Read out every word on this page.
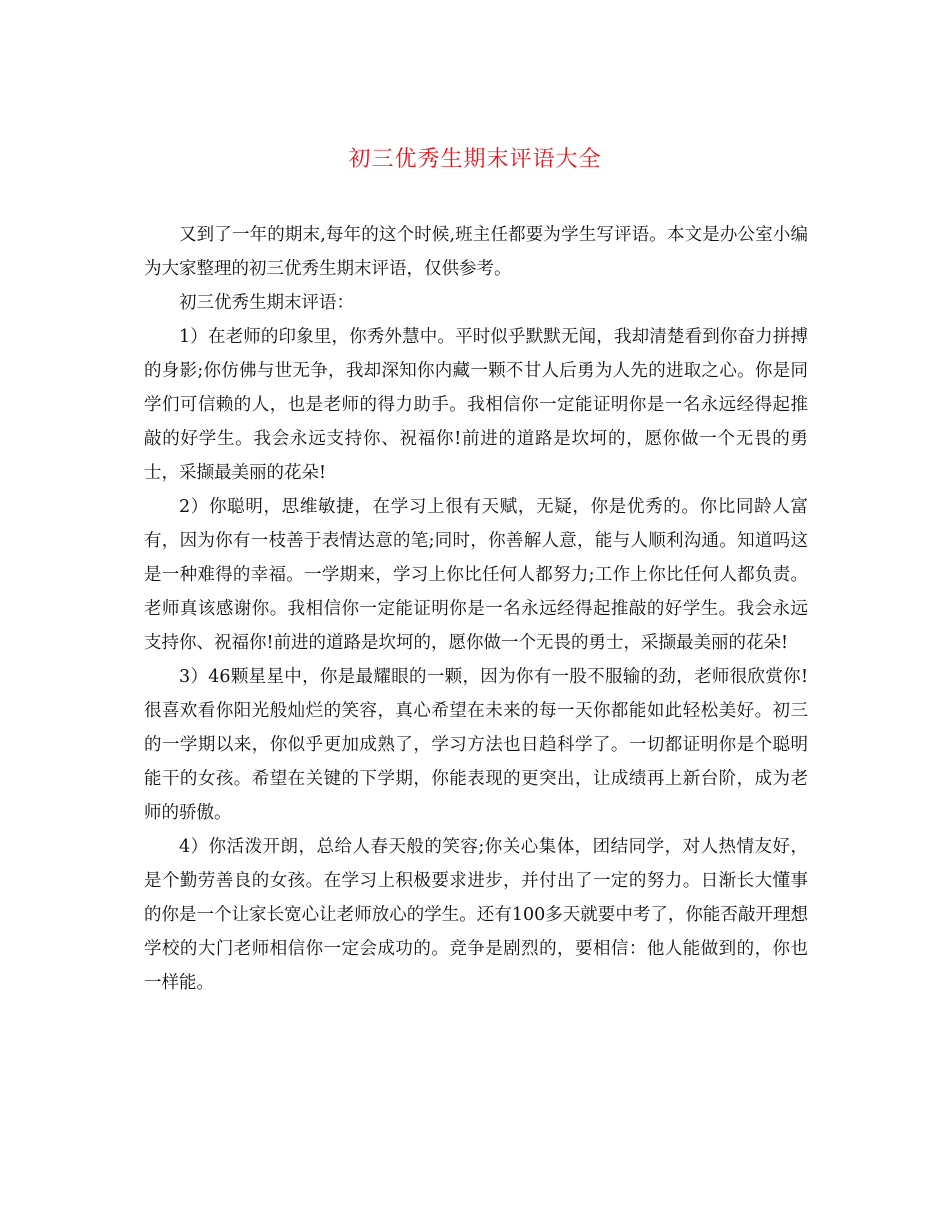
初三优秀生期末评语大全

又到了一年的期末,每年的这个时候,班主任都要为学生写评语。本文是办公室小编为大家整理的初三优秀生期末评语，仅供参考。

初三优秀生期末评语：

1）在老师的印象里，你秀外慧中。平时似乎默默无闻，我却清楚看到你奋力拼搏的身影;你仿佛与世无争，我却深知你内藏一颗不甘人后勇为人先的进取之心。你是同学们可信赖的人，也是老师的得力助手。我相信你一定能证明你是一名永远经得起推敲的好学生。我会永远支持你、祝福你!前进的道路是坎坷的，愿你做一个无畏的勇士，采撷最美丽的花朵!

2）你聪明，思维敏捷，在学习上很有天赋，无疑，你是优秀的。你比同龄人富有，因为你有一枝善于表情达意的笔;同时，你善解人意，能与人顺利沟通。知道吗这是一种难得的幸福。一学期来，学习上你比任何人都努力;工作上你比任何人都负责。老师真该感谢你。我相信你一定能证明你是一名永远经得起推敲的好学生。我会永远支持你、祝福你!前进的道路是坎坷的，愿你做一个无畏的勇士，采撷最美丽的花朵!

3）46颗星星中，你是最耀眼的一颗，因为你有一股不服输的劲，老师很欣赏你!很喜欢看你阳光般灿烂的笑容，真心希望在未来的每一天你都能如此轻松美好。初三的一学期以来，你似乎更加成熟了，学习方法也日趋科学了。一切都证明你是个聪明能干的女孩。希望在关键的下学期，你能表现的更突出，让成绩再上新台阶，成为老师的骄傲。

4）你活泼开朗，总给人春天般的笑容;你关心集体，团结同学，对人热情友好，是个勤劳善良的女孩。在学习上积极要求进步，并付出了一定的努力。日渐长大懂事的你是一个让家长宽心让老师放心的学生。还有100多天就要中考了，你能否敲开理想学校的大门老师相信你一定会成功的。竞争是剧烈的，要相信：他人能做到的，你也一样能。
